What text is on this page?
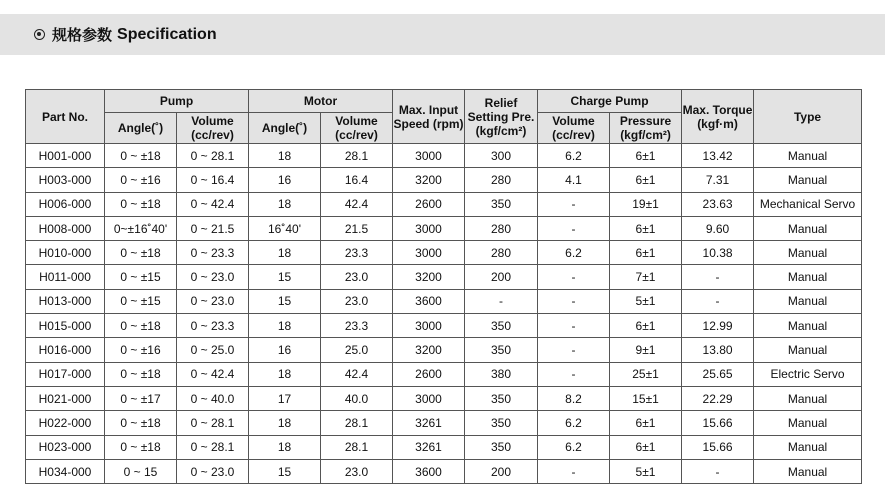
规格参数 Specification
Part No.	Pump		Motor		Max. Input Speed (rpm)	Relief Setting Pre. (kgf/cm²)	Charge Pump		Max. Torque (kgf·m)	Type
	Angle(˚)	Volume (cc/rev)	Angle(˚)	Volume (cc/rev)			Volume (cc/rev)	Pressure (kgf/cm²)		
H001-000	0 ~ ±18	0 ~ 28.1	18	28.1	3000	300	6.2	6±1	13.42	Manual
H003-000	0 ~ ±16	0 ~ 16.4	16	16.4	3200	280	4.1	6±1	7.31	Manual
H006-000	0 ~ ±18	0 ~ 42.4	18	42.4	2600	350	-	19±1	23.63	Mechanical Servo
H008-000	0~±16˚40'	0 ~ 21.5	16˚40'	21.5	3000	280	-	6±1	9.60	Manual
H010-000	0 ~ ±18	0 ~ 23.3	18	23.3	3000	280	6.2	6±1	10.38	Manual
H011-000	0 ~ ±15	0 ~ 23.0	15	23.0	3200	200	-	7±1	-	Manual
H013-000	0 ~ ±15	0 ~ 23.0	15	23.0	3600	-	-	5±1	-	Manual
H015-000	0 ~ ±18	0 ~ 23.3	18	23.3	3000	350	-	6±1	12.99	Manual
H016-000	0 ~ ±16	0 ~ 25.0	16	25.0	3200	350	-	9±1	13.80	Manual
H017-000	0 ~ ±18	0 ~ 42.4	18	42.4	2600	380	-	25±1	25.65	Electric Servo
H021-000	0 ~ ±17	0 ~ 40.0	17	40.0	3000	350	8.2	15±1	22.29	Manual
H022-000	0 ~ ±18	0 ~ 28.1	18	28.1	3261	350	6.2	6±1	15.66	Manual
H023-000	0 ~ ±18	0 ~ 28.1	18	28.1	3261	350	6.2	6±1	15.66	Manual
H034-000	0 ~ 15	0 ~ 23.0	15	23.0	3600	200	-	5±1	-	Manual
